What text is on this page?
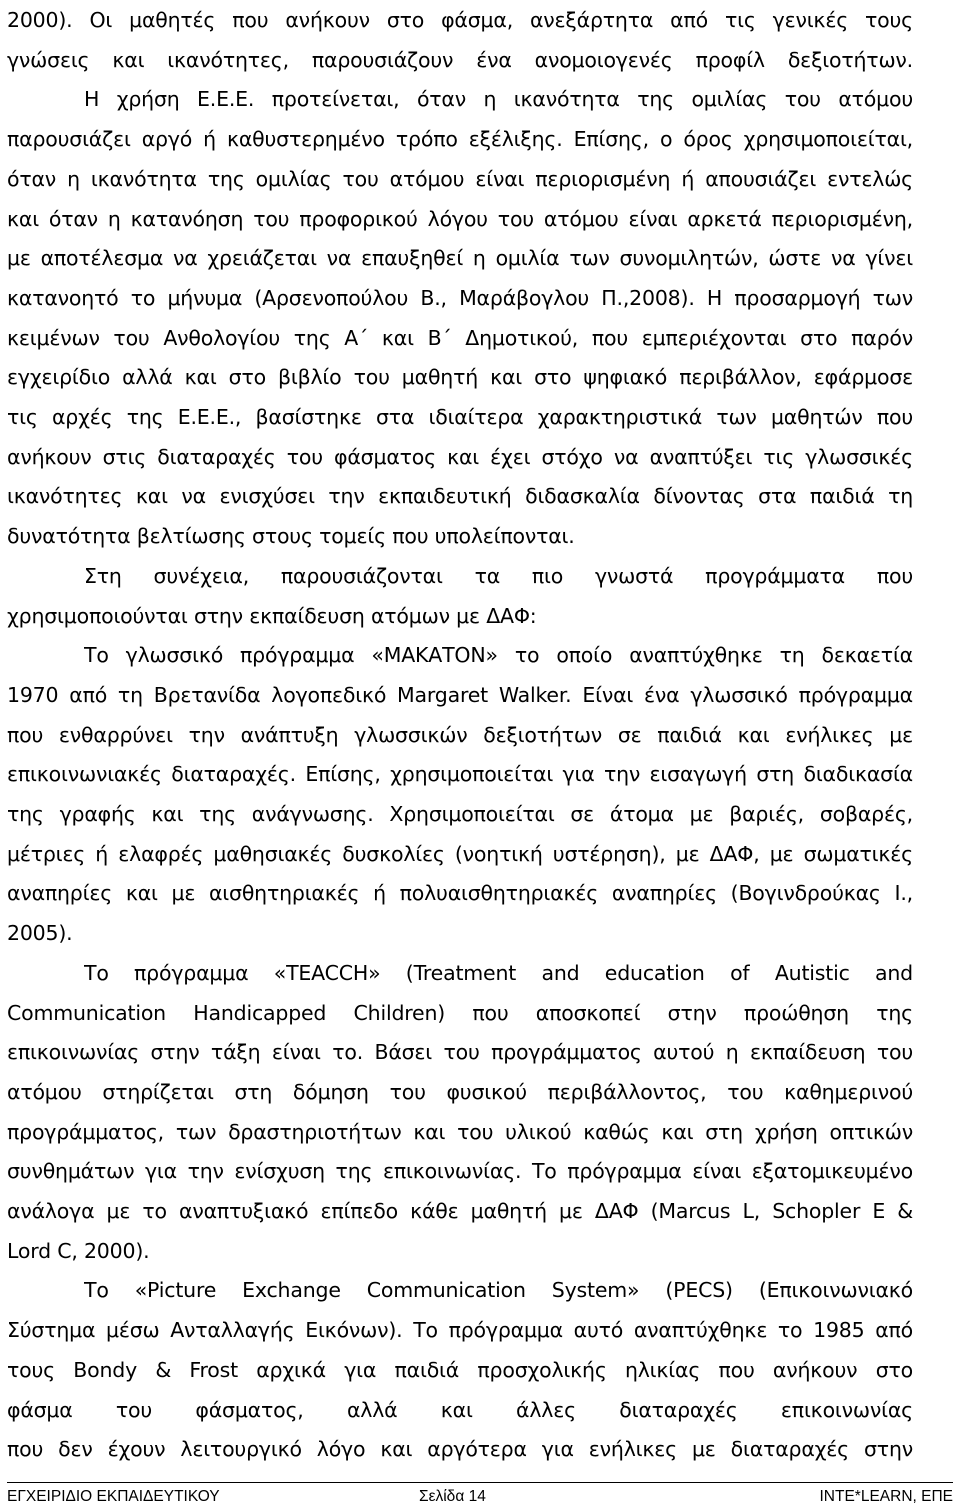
2000). Οι μαθητές που ανήκουν στο φάσμα, ανεξάρτητα από τις γενικές τους
γνώσεις και ικανότητες, παρουσιάζουν ένα ανομοιογενές προφίλ δεξιοτήτων.
Η χρήση Ε.Ε.Ε. προτείνεται, όταν η ικανότητα της ομιλίας του ατόμου
παρουσιάζει αργό ή καθυστερημένο τρόπο εξέλιξης. Επίσης, ο όρος χρησιμοποιείται,
όταν η ικανότητα της ομιλίας του ατόμου είναι περιορισμένη ή απουσιάζει εντελώς
και όταν η κατανόηση του προφορικού λόγου του ατόμου είναι αρκετά περιορισμένη,
με αποτέλεσμα να χρειάζεται να επαυξηθεί η ομιλία των συνομιλητών, ώστε να γίνει
κατανοητό το μήνυμα (Αρσενοπούλου Β., Μαράβογλου Π.,2008). Η προσαρμογή των
κειμένων του Ανθολογίου της Α΄ και Β΄ Δημοτικού, που εμπεριέχονται στο παρόν
εγχειρίδιο αλλά και στο βιβλίο του μαθητή και στο ψηφιακό περιβάλλον, εφάρμοσε
τις αρχές της Ε.Ε.Ε., βασίστηκε στα ιδιαίτερα χαρακτηριστικά των μαθητών που
ανήκουν στις διαταραχές του φάσματος και έχει στόχο να αναπτύξει τις γλωσσικές
ικανότητες και να ενισχύσει την εκπαιδευτική διδασκαλία δίνοντας στα παιδιά τη
δυνατότητα βελτίωσης στους τομείς που υπολείπονται.
Στη συνέχεια, παρουσιάζονται τα πιο γνωστά προγράμματα που
χρησιμοποιούνται στην εκπαίδευση ατόμων με ΔΑΦ:
Το γλωσσικό πρόγραμμα «ΜΑΚΑΤΟΝ» το οποίο αναπτύχθηκε τη δεκαετία
1970 από τη Βρετανίδα λογοπεδικό Margaret Walker. Είναι ένα γλωσσικό πρόγραμμα
που ενθαρρύνει την ανάπτυξη γλωσσικών δεξιοτήτων σε παιδιά και ενήλικες με
επικοινωνιακές διαταραχές. Επίσης, χρησιμοποιείται για την εισαγωγή στη διαδικασία
της γραφής και της ανάγνωσης. Χρησιμοποιείται σε άτομα με βαριές, σοβαρές,
μέτριες ή ελαφρές μαθησιακές δυσκολίες (νοητική υστέρηση), με ΔΑΦ, με σωματικές
αναπηρίες και με αισθητηριακές ή πολυαισθητηριακές αναπηρίες (Βογινδρούκας Ι.,
2005).
Το πρόγραμμα «TEACCH» (Treatment and education of Autistic and
Communication Handicapped Children) που αποσκοπεί στην προώθηση της
επικοινωνίας στην τάξη είναι το. Βάσει του προγράμματος αυτού η εκπαίδευση του
ατόμου στηρίζεται στη δόμηση του φυσικού περιβάλλοντος, του καθημερινού
προγράμματος, των δραστηριοτήτων και του υλικού καθώς και στη χρήση οπτικών
συνθημάτων για την ενίσχυση της επικοινωνίας. Το πρόγραμμα είναι εξατομικευμένο
ανάλογα με το αναπτυξιακό επίπεδο κάθε μαθητή με ΔΑΦ (Marcus L, Schopler E &
Lord C, 2000).
Το «Picture Exchange Communication System» (PECS) (Επικοινωνιακό
Σύστημα μέσω Ανταλλαγής Εικόνων). Το πρόγραμμα αυτό αναπτύχθηκε το 1985 από
τους Bondy & Frost αρχικά για παιδιά προσχολικής ηλικίας που ανήκουν στο
φάσμα του φάσματος, αλλά και άλλες διαταραχές επικοινωνίας
που δεν έχουν λειτουργικό λόγο και αργότερα για ενήλικες με διαταραχές στην
ΕΓΧΕΙΡΙΔΙΟ ΕΚΠΑΙΔΕΥΤΙΚΟΥ	Σελίδα 14	INTE*LEARN, ΕΠΕ
